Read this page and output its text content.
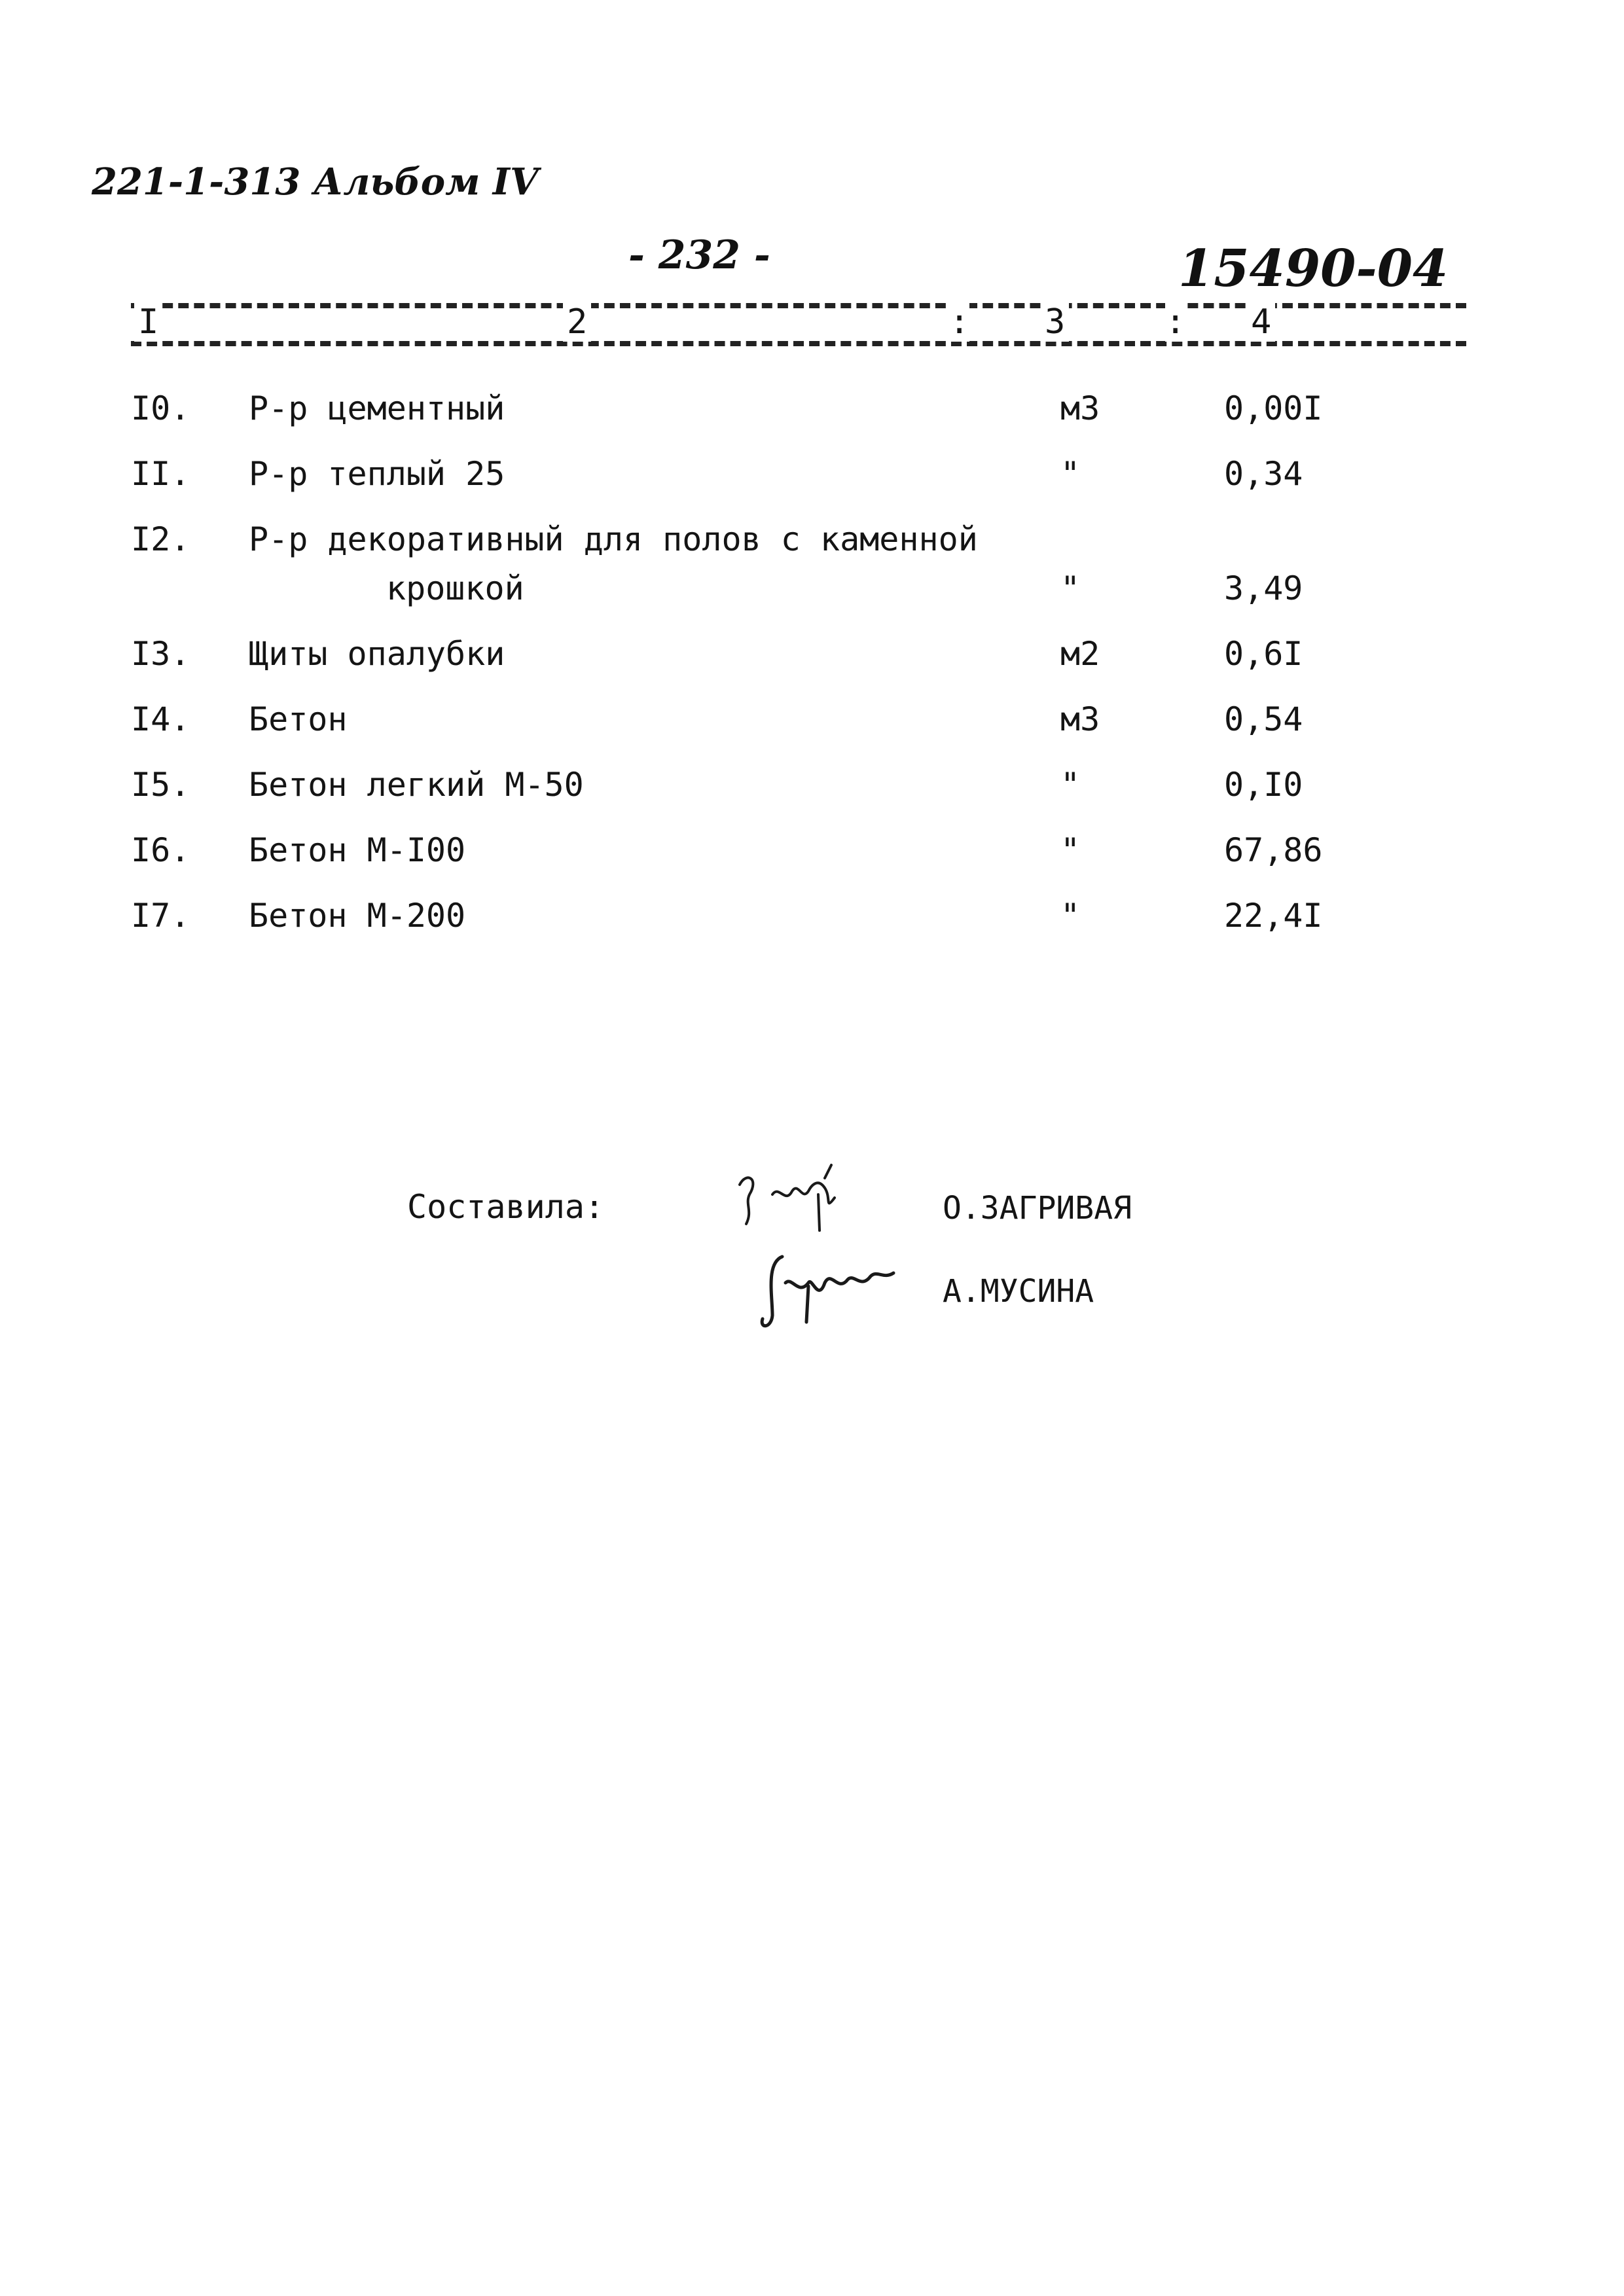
221-1-313 Альбом IV
- 232 -	15490-04
I	2	: 3	: 4
I0. Р-р цементный	м3	0,00I
II. Р-р теплый 25	"	0,34
I2. Р-р декоративный для полов с каменной
крошкой	"	3,49
I3. Щиты опалубки	м2	0,6I
I4. Бетон	м3	0,54
I5. Бетон легкий М-50	"	0,I0
I6. Бетон М-I00	"	67,86
I7. Бетон М-200	"	22,4I
Составила:	О.ЗАГРИВАЯ
А.МУСИНА
